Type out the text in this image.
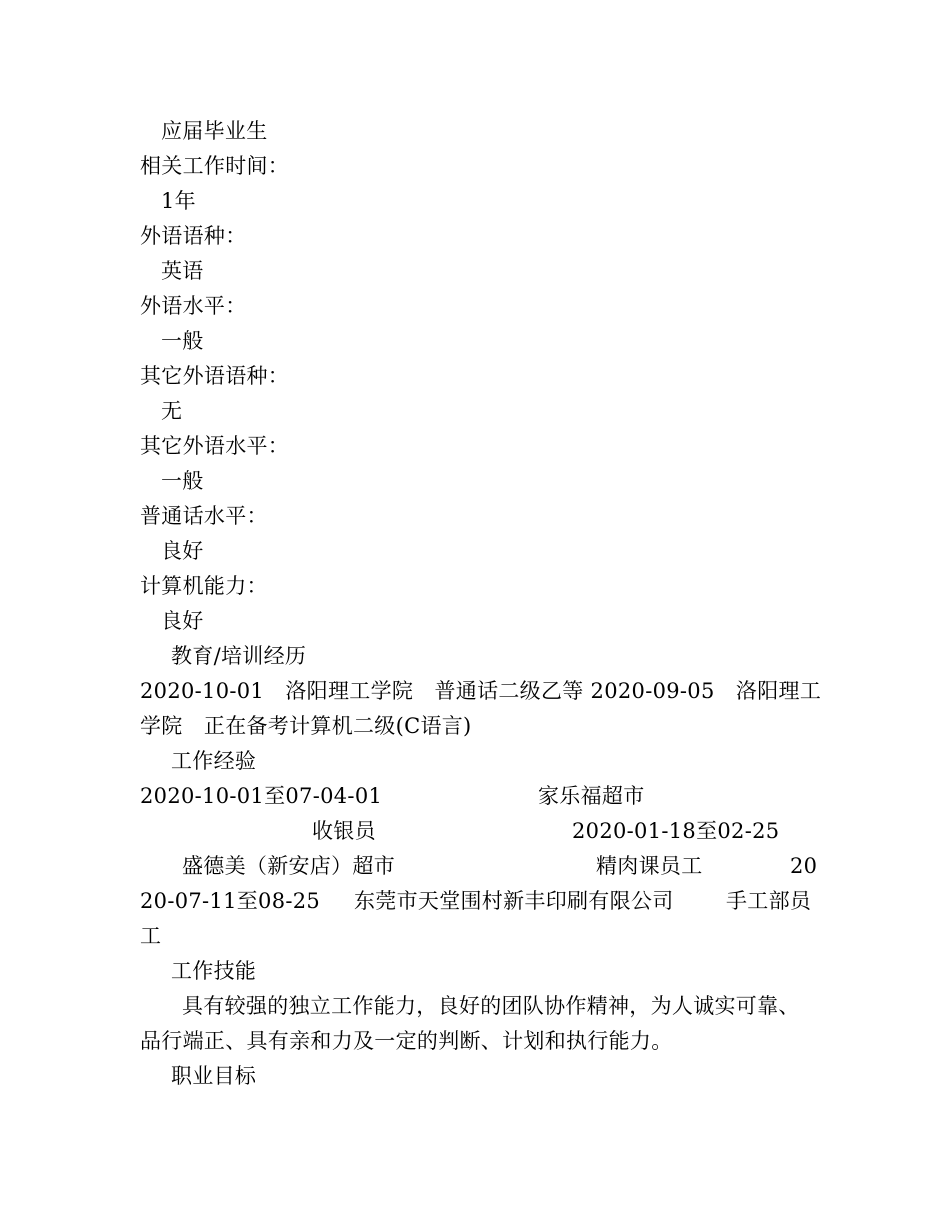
应届毕业生
相关工作时间：
1年
外语语种：
英语
外语水平：
一般
其它外语语种：
无
其它外语水平：
一般
普通话水平：
良好
计算机能力：
良好
教育/培训经历
2020-10-01　洛阳理工学院　普通话二级乙等 2020-09-05　洛阳理工
学院　正在备考计算机二级(C语言)
工作经验
2020-10-01至07-04-01	家乐福超市
收银员	2020-01-18至02-25
盛德美（新安店）超市	精肉课员工	20
20-07-11至08-25 东莞市天堂围村新丰印刷有限公司	手工部员
工
工作技能
具有较强的独立工作能力，良好的团队协作精神，为人诚实可靠、
品行端正、具有亲和力及一定的判断、计划和执行能力。
职业目标
